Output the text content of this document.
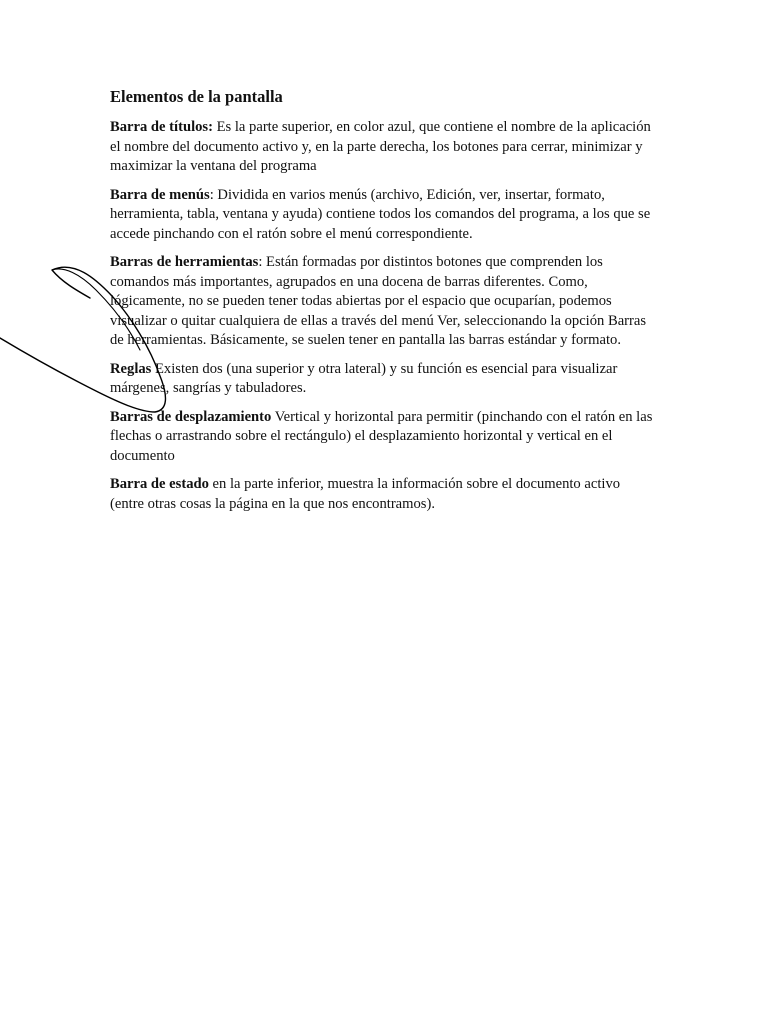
Elementos de la pantalla

Barra de títulos: Es la parte superior, en color azul, que contiene el nombre de la aplicación el nombre del documento activo y, en la parte derecha, los botones para cerrar, minimizar y maximizar la ventana del programa

Barra de menús: Dividida en varios menús (archivo, Edición, ver, insertar, formato, herramienta, tabla, ventana y ayuda) contiene todos los comandos del programa, a los que se accede pinchando con el ratón sobre el menú correspondiente.

Barras de herramientas: Están formadas por distintos botones que comprenden los comandos más importantes, agrupados en una docena de barras diferentes. Como, lógicamente, no se pueden tener todas abiertas por el espacio que ocuparían, podemos visualizar o quitar cualquiera de ellas a través del menú Ver, seleccionando la opción Barras de herramientas. Básicamente, se suelen tener en pantalla las barras estándar y formato.

Reglas Existen dos (una superior y otra lateral) y su función es esencial para visualizar márgenes, sangrías y tabuladores.

Barras de desplazamiento Vertical y horizontal para permitir (pinchando con el ratón en las flechas o arrastrando sobre el rectángulo) el desplazamiento horizontal y vertical en el documento

Barra de estado en la parte inferior, muestra la información sobre el documento activo (entre otras cosas la página en la que nos encontramos).
